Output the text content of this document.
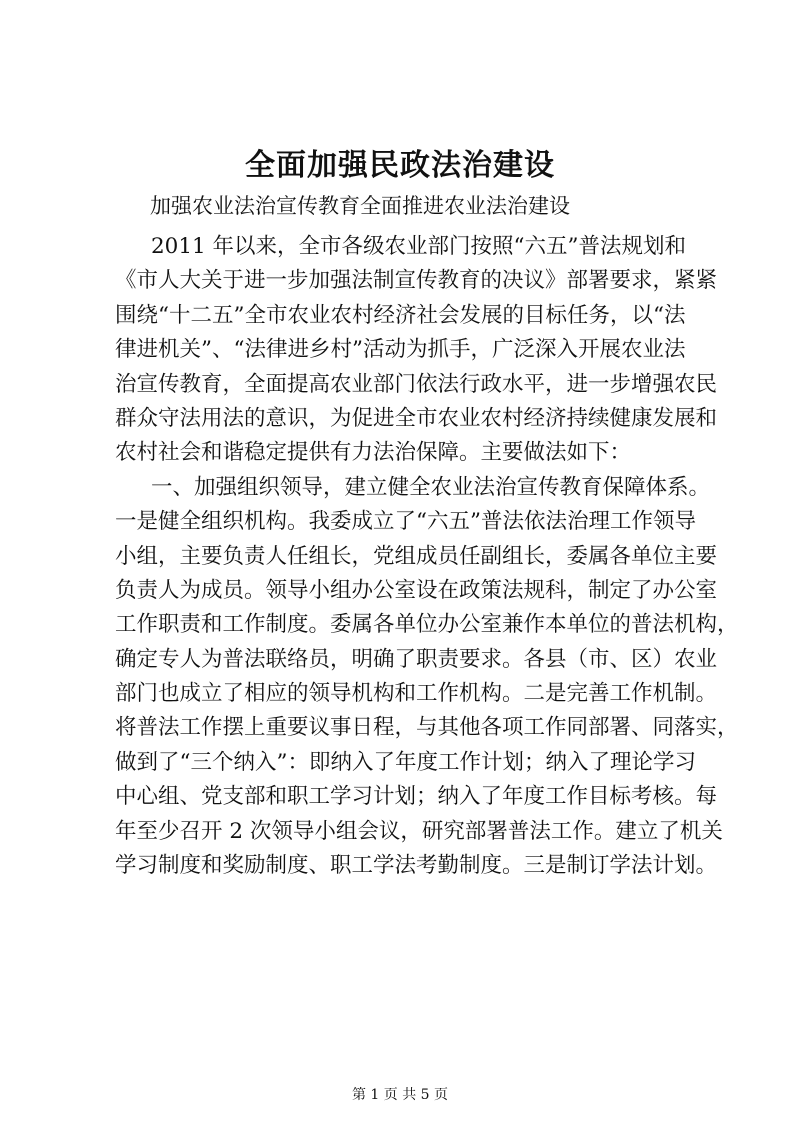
全面加强民政法治建设

加强农业法治宣传教育全面推进农业法治建设

2011 年以来，全市各级农业部门按照“六五”普法规划和

《市人大关于进一步加强法制宣传教育的决议》部署要求，紧紧

围绕“十二五”全市农业农村经济社会发展的目标任务，以“法

律进机关”、“法律进乡村”活动为抓手，广泛深入开展农业法

治宣传教育，全面提高农业部门依法行政水平，进一步增强农民

群众守法用法的意识，为促进全市农业农村经济持续健康发展和

农村社会和谐稳定提供有力法治保障。主要做法如下：

一、加强组织领导，建立健全农业法治宣传教育保障体系。

一是健全组织机构。我委成立了“六五”普法依法治理工作领导

小组，主要负责人任组长，党组成员任副组长，委属各单位主要

负责人为成员。领导小组办公室设在政策法规科，制定了办公室

工作职责和工作制度。委属各单位办公室兼作本单位的普法机构，

确定专人为普法联络员，明确了职责要求。各县（市、区）农业

部门也成立了相应的领导机构和工作机构。二是完善工作机制。

将普法工作摆上重要议事日程，与其他各项工作同部署、同落实，

做到了“三个纳入”：即纳入了年度工作计划；纳入了理论学习

中心组、党支部和职工学习计划；纳入了年度工作目标考核。每

年至少召开 2 次领导小组会议，研究部署普法工作。建立了机关

学习制度和奖励制度、职工学法考勤制度。三是制订学法计划。

第 1 页 共 5 页
